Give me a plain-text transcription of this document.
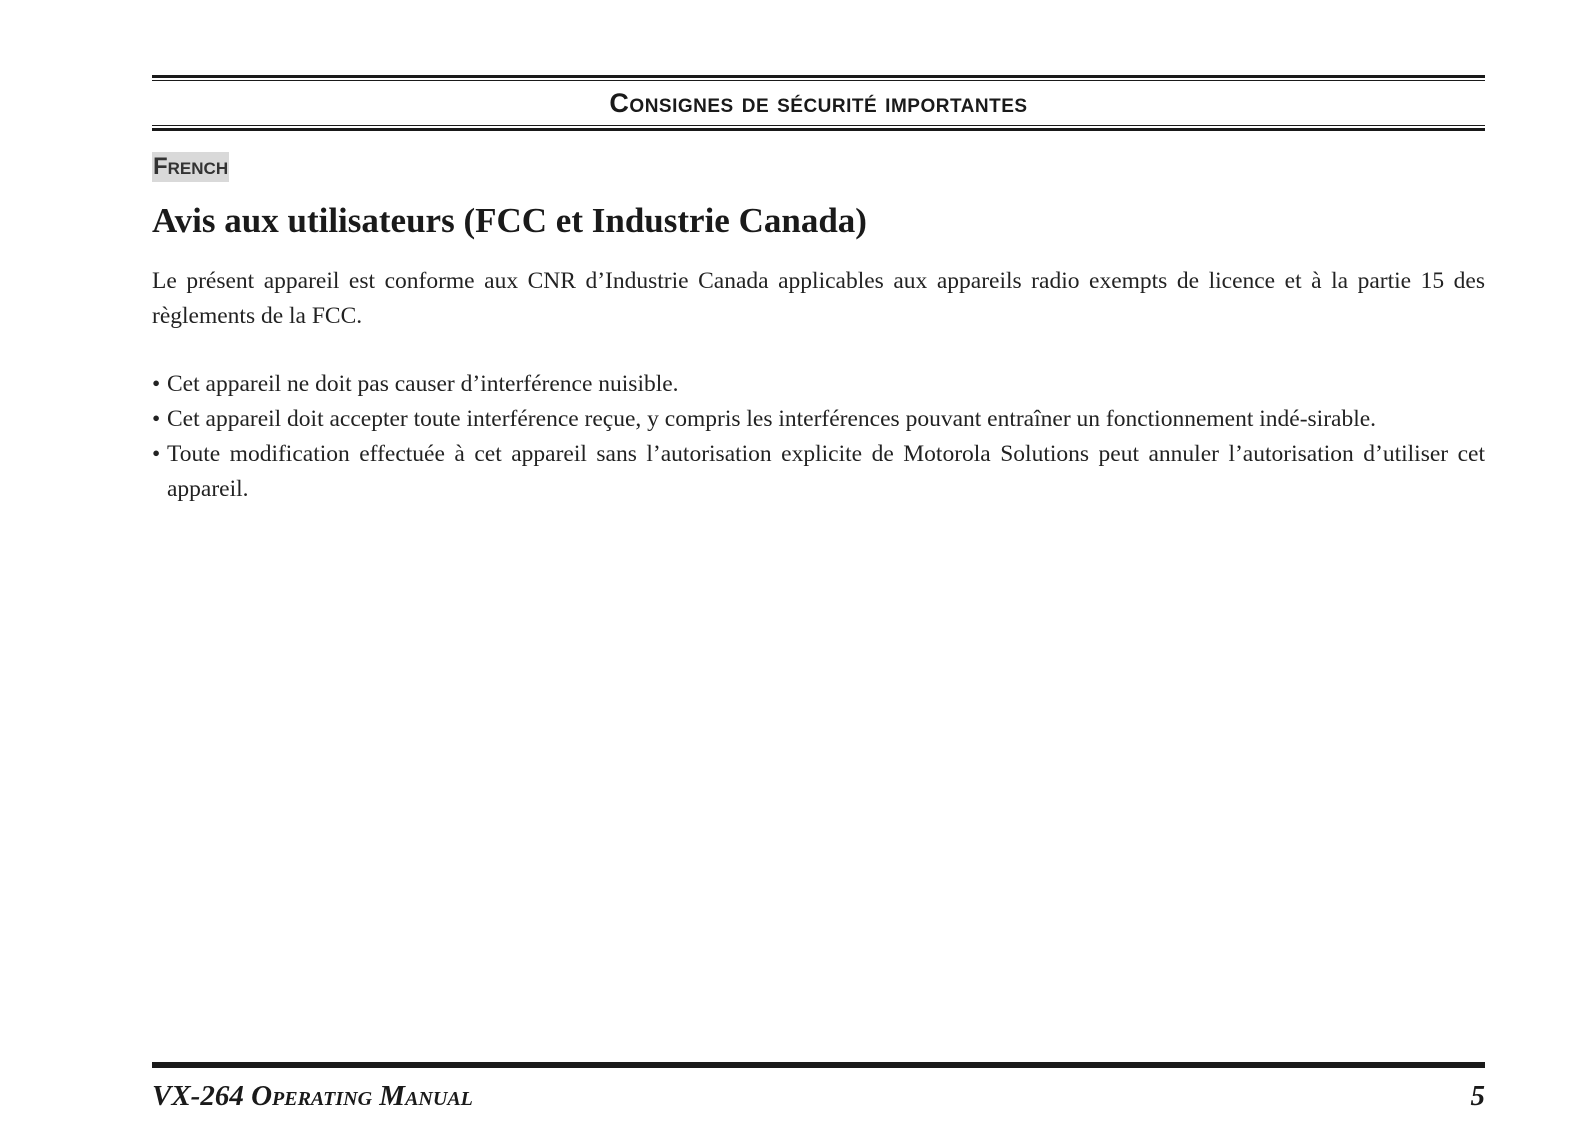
Consignes de sécurité importantes
French
Avis aux utilisateurs (FCC et Industrie Canada)

Le présent appareil est conforme aux CNR d’Industrie Canada applicables aux appareils radio exempts de licence et à la partie 15 des règlements de la FCC.

• Cet appareil ne doit pas causer d’interférence nuisible.
• Cet appareil doit accepter toute interférence reçue, y compris les interférences pouvant entraîner un fonctionnement indé-sirable.
• Toute modification effectuée à cet appareil sans l’autorisation explicite de Motorola Solutions peut annuler l’autorisation d’utiliser cet appareil.
VX-264 Operating Manual	5
